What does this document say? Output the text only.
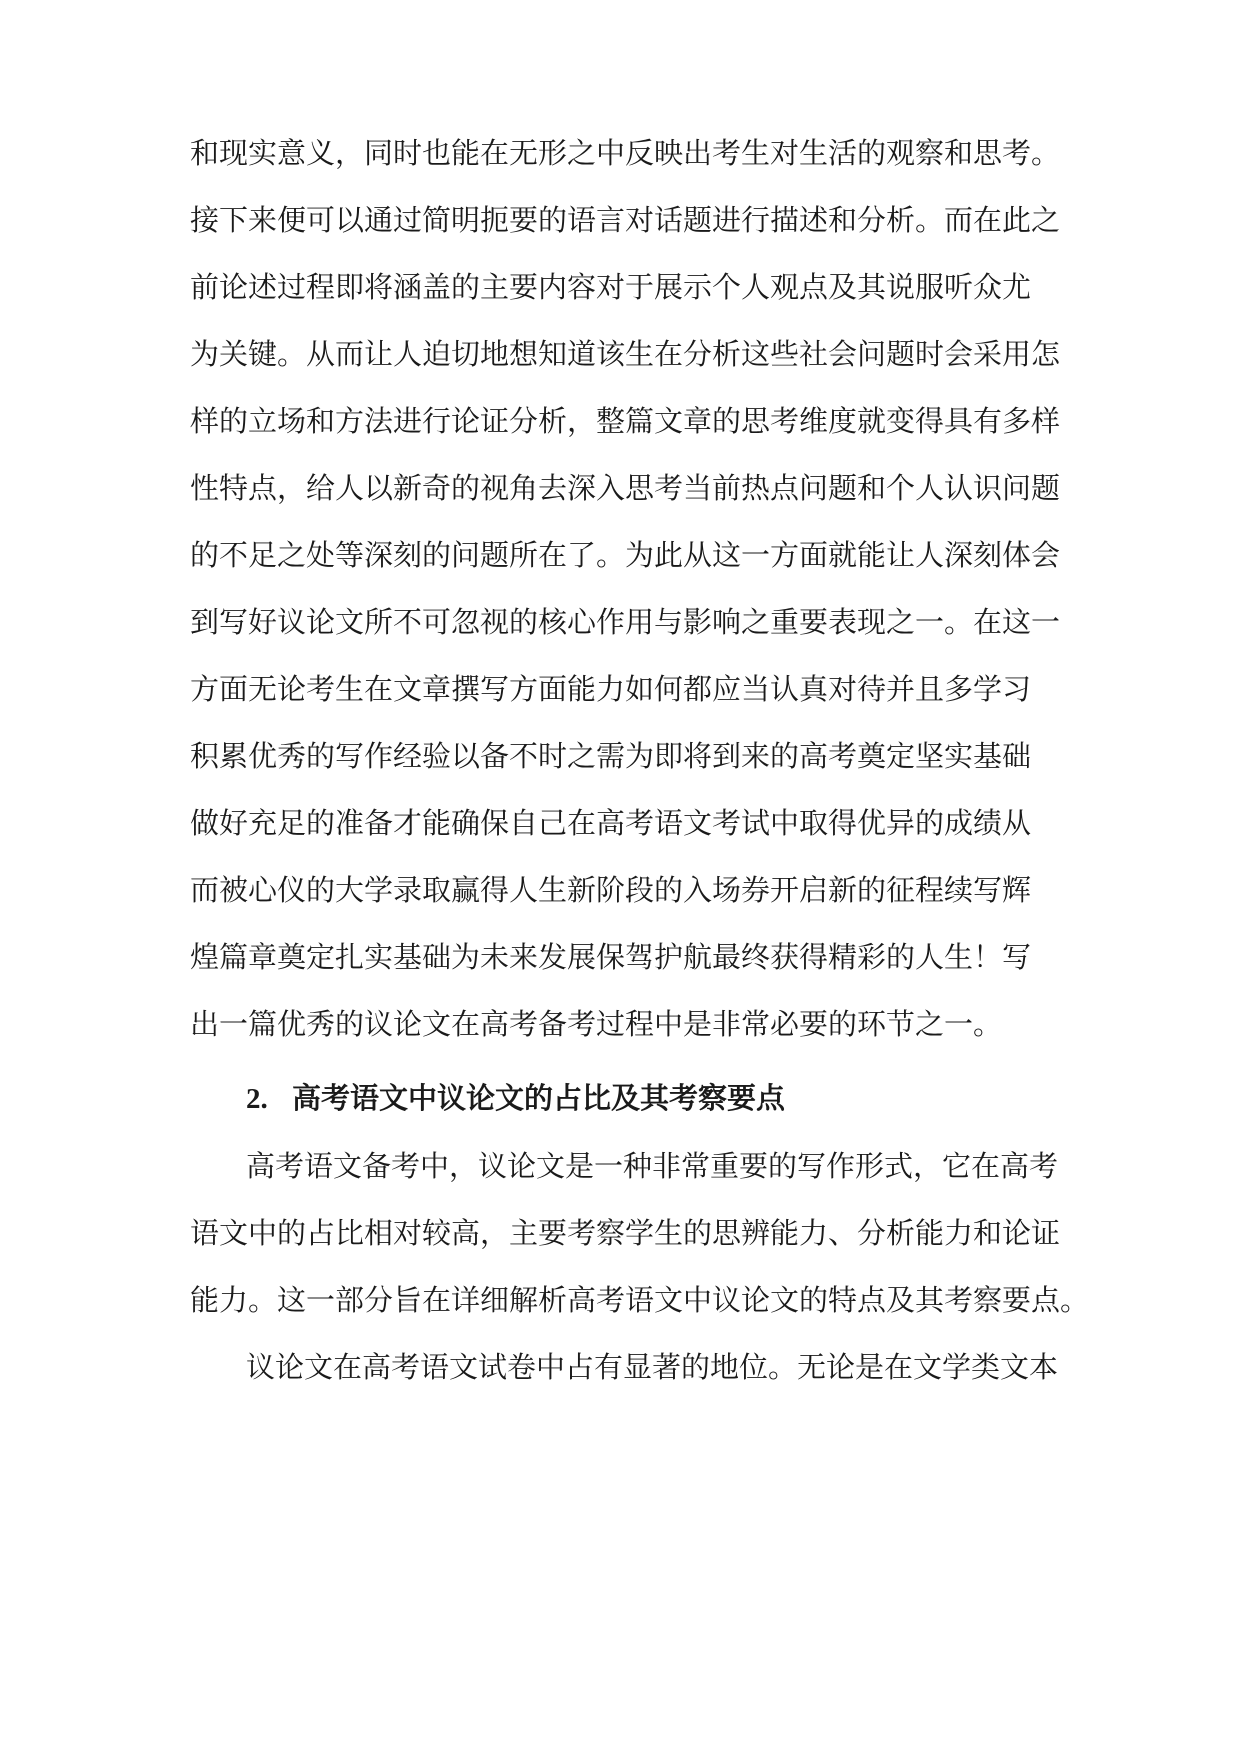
和现实意义，同时也能在无形之中反映出考生对生活的观察和思考。
接下来便可以通过简明扼要的语言对话题进行描述和分析。而在此之
前论述过程即将涵盖的主要内容对于展示个人观点及其说服听众尤
为关键。从而让人迫切地想知道该生在分析这些社会问题时会采用怎
样的立场和方法进行论证分析，整篇文章的思考维度就变得具有多样
性特点，给人以新奇的视角去深入思考当前热点问题和个人认识问题
的不足之处等深刻的问题所在了。为此从这一方面就能让人深刻体会
到写好议论文所不可忽视的核心作用与影响之重要表现之一。在这一
方面无论考生在文章撰写方面能力如何都应当认真对待并且多学习
积累优秀的写作经验以备不时之需为即将到来的高考奠定坚实基础
做好充足的准备才能确保自己在高考语文考试中取得优异的成绩从
而被心仪的大学录取赢得人生新阶段的入场券开启新的征程续写辉
煌篇章奠定扎实基础为未来发展保驾护航最终获得精彩的人生！写
出一篇优秀的议论文在高考备考过程中是非常必要的环节之一。
2. 高考语文中议论文的占比及其考察要点
高考语文备考中，议论文是一种非常重要的写作形式，它在高考
语文中的占比相对较高，主要考察学生的思辨能力、分析能力和论证
能力。这一部分旨在详细解析高考语文中议论文的特点及其考察要点。
议论文在高考语文试卷中占有显著的地位。无论是在文学类文本
